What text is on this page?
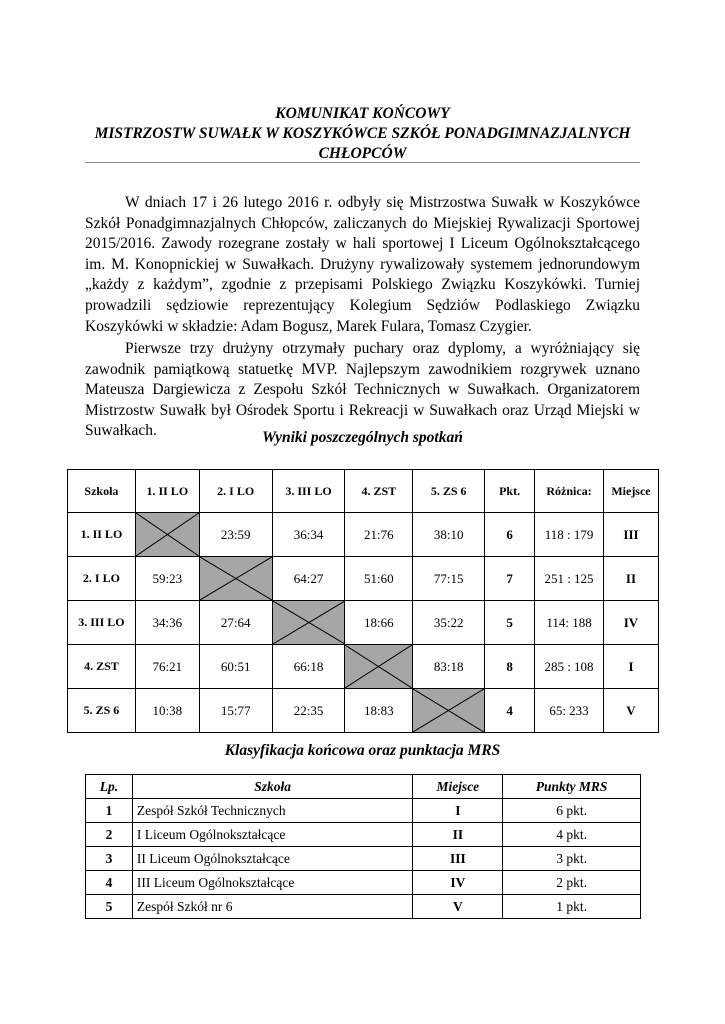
KOMUNIKAT KOŃCOWY
MISTRZOSTW SUWAŁK W KOSZYKÓWCE SZKÓŁ PONADGIMNAZJALNYCH
CHŁOPCÓW

W dniach 17 i 26 lutego 2016 r. odbyły się Mistrzostwa Suwałk w Koszykówce Szkół Ponadgimnazjalnych Chłopców, zaliczanych do Miejskiej Rywalizacji Sportowej 2015/2016. Zawody rozegrane zostały w hali sportowej I Liceum Ogólnokształcącego im. M. Konopnickiej w Suwałkach. Drużyny rywalizowały systemem jednorundowym „każdy z każdym”, zgodnie z przepisami Polskiego Związku Koszykówki. Turniej prowadzili sędziowie reprezentujący Kolegium Sędziów Podlaskiego Związku Koszykówki w składzie: Adam Bogusz, Marek Fulara, Tomasz Czygier.

Pierwsze trzy drużyny otrzymały puchary oraz dyplomy, a wyróżniający się zawodnik pamiątkową statuetkę MVP. Najlepszym zawodnikiem rozgrywek uznano Mateusza Dargiewicza z Zespołu Szkół Technicznych w Suwałkach. Organizatorem Mistrzostw Suwałk był Ośrodek Sportu i Rekreacji w Suwałkach oraz Urząd Miejski w Suwałkach.	Wyniki poszczególnych spotkań
Szkoła	1. II LO	2. I LO	3. III LO	4. ZST	5. ZS 6	Pkt.	Różnica:	Miejsce
1. II LO		23:59	36:34	21:76	38:10	6	118 : 179	III
2. I LO	59:23		64:27	51:60	77:15	7	251 : 125	II
3. III LO	34:36	27:64		18:66	35:22	5	114: 188	IV
4. ZST	76:21	60:51	66:18		83:18	8	285 : 108	I
5. ZS 6	10:38	15:77	22:35	18:83		4	65: 233	V
Klasyfikacja końcowa oraz punktacja MRS
Lp.	Szkoła	Miejsce	Punkty MRS
1	Zespół Szkół Technicznych	I	6 pkt.
2	I Liceum Ogólnokształcące	II	4 pkt.
3	II Liceum Ogólnokształcące	III	3 pkt.
4	III Liceum Ogólnokształcące	IV	2 pkt.
5	Zespół Szkół nr 6	V	1 pkt.
